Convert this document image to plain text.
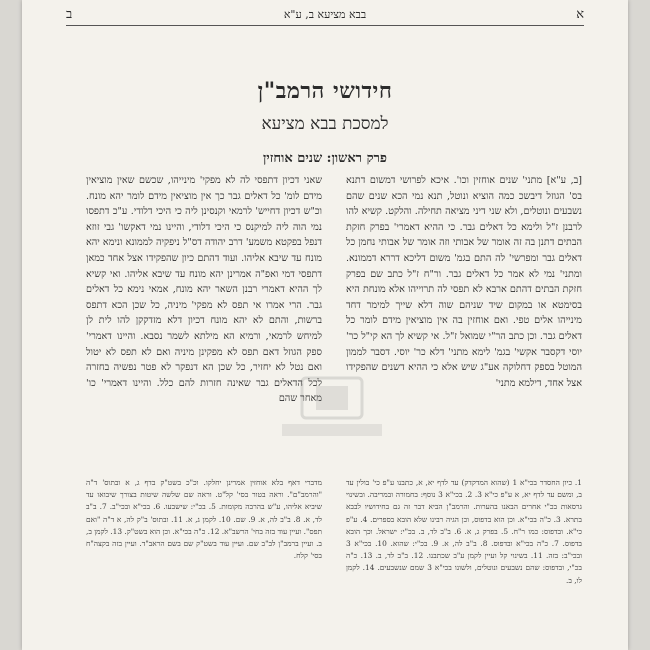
א
בבא מציעא ב, ע"א
ב
חידושי הרמב"ן
למסכת בבא מציעא
פרק ראשון: שנים אוחזין

[ב, ע"א] מתני' שנים אוחזין וכו'. איכא לפרושי דמשום דתנא בס' הגוזל דיבשכ כמה הוציא ונוטל, תנא נמי הכא שנים שהם נשבעים ונוטלים, ולא שני דיני מציאה תחילה. והלקט. קשיא להו לרבנן ז"ל ולימא כל דאלים גבר. כי ההיא דאמרי' בפרק חזקת הבתים דתנן בה זה אומר של אבותי וזה אומר של אבותי נחמן כל דאלים גבר ומפרשי' לה התם בגמ' משום דליכא דררא דממונא. ומתני' נמי לא אמר כל דאלים גבר. ור"ח ז"ל כתב שם בפרק חזקת הבתים דהתם ארבא לא תפסי לה תרוייהו אלא מונחת היא בסימטא או במקום שיד שניהם שוה דלא שייך למימר דחד מינייהו אלים טפי. ואם אוחזין בה אין מוציאין מידם לומר כל דאלים גבר. וכן כתב הר"י שמואל ז"ל. אי קשיא לך הא קי"ל כר' יוסי דקסבר אקשי' בגמ' לימא מתני' דלא כר' יוסי. דסבר לממון המוטל בספק דחלוקה אע"ג שיש אלא כי ההיא דשנים שהפקידו אצל אחד, דילמא מתני'

שאני דכיון דתפסי לה לא מפקי' מינייהו, שכשם שאין מוציאין מידם לומ' כל דאלים גבר כך אין מוציאין מידם לומר יהא מונח. וכ"ש דכיון דחייש' לרמאי וקנסינן ליה כי היכי דלודי. ע"כ דתפסו נמי הוה ליה למיקנס כי היכי דלודי, והיינו נמי דאקשו' גבי זוזא דנפל בפקטא משמע' דרב יהודה דס"ל ניפקיה לממונא ונימא יהא מונח עד שיבא אליהו. ועוד דהתם כיון שהפקידו אצל אחד כמאן דתפסי דמי ואפ"ה אמרינן יהא מונח עד שיבא אליהו. ואי קשיא לך ההיא דאמרי רבנן השאר יהא מונח, אמאי נימא כל דאלים גבר. הרי אמרו אי תפס לא מפקי' מיניה, כל שכן הכא דתפס ברשות, והתם לא יהא מונח דכיון דלא מזדקקן להו לית לן למיחש לרמאי, ורמיא הא מילתא לשמר נסבא. והיינו דאמרי' ספק הגוזל דאם תפס לא מפקינן מיניה ואם לא תפס לא יטול ואם נטל לא יחזיר, כל שכן הא דנפקר לא פטר נפשיה בחזרה לכל הדאלים גבר שאינה חזרות להם כלל. והיינו דאמרי' כו' מאחר שהם

1. כיון החסדר בכי"א 1 (שהוא המדקדק) עד לדף יא, א, כתבנו ע"פ כי' בולין עד ב, ומשם עד לדף יא, א ע"פ כי"א 3. 2. בכי"א 3 נוסף: בחמורה ובמריבה. ובשינוי גרסאות בכ"י אחרים הבאנו בהערות. והרמב"ן הביא דבר זה גם בחידושיו לבבא בתרא. 3. כ"ה בכי"א. וכן הוא בדפוס, וכן הגיה רבינו שלא הובא בספרים. 4. ע"פ כי"א. ובדפוס: כמו ר"ח. 5. בפרק ג, א. 6. ב"ב לד, ב. בכ"י: ישראל. וכך הובא בדפוס. 7. כ"ה בכי"א ובדפוס. 8. ב"ב לה, א. 9. בכ"י: שהוא. 10. בכי"א 3 ובכי"ב: בזה. 11. בשינוי קל ועיין לקמן ע"ב שכתבנו. 12. ב"ב לד, ב. 13. כ"ה בכ"י, ובדפוס: שהם נשבעים ונוטלים, ולשונו בכי"א 3 שמם שנשבעים. 14. לקמן לו, ב.

מדברי דאף בלא אוחזין אמרינן יחלקו. וכ"כ בשט"ק בדף ג, א ובתוס' ד"ה "והרמב"ם". וראה בטור בסי' קל"ט. וראה שם שלשה שיטות בצורך שיבואו עד שיביא אליהו, ע"ש בהרבה מקומות. 5. בכ"י: שישבעו. 6. בכי"א ובכי"ב. 7. ב"ב לד, א. 8. ב"ב לה, א. 9. שם. 10. לקמן ג, א. 11. ובתוס' ב"ק לה, א ד"ה "ואם תפס". ועיין עוד בזה בחי' הרשב"א. 12. כ"ה בכי"א. וכן הוא בשט"ק. 13. לקמן ב, ב. ועיין ברמב"ן לב"ב שם. ועיין עוד בשט"ק שם בשם הראב"ד. ועיין בזה בקצה"ח בסי' קלח.
